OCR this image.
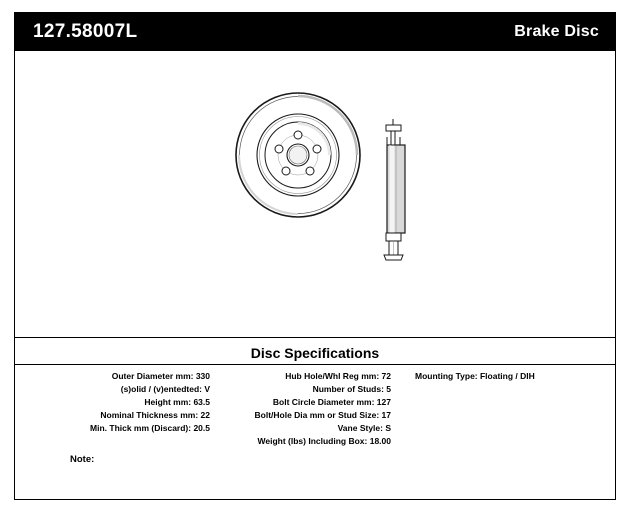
127.58007L	Brake Disc
Disc Specifications
Outer Diameter mm: 330
(s)olid / (v)entedted: V
Height mm: 63.5
Nominal Thickness mm: 22
Min. Thick mm (Discard): 20.5
Hub Hole/Whl Reg mm: 72
Number of Studs: 5
Bolt Circle Diameter mm: 127
Bolt/Hole Dia mm or Stud Size: 17
Vane Style: S
Weight (lbs) Including Box: 18.00
Mounting Type: Floating / DIH
Note:
